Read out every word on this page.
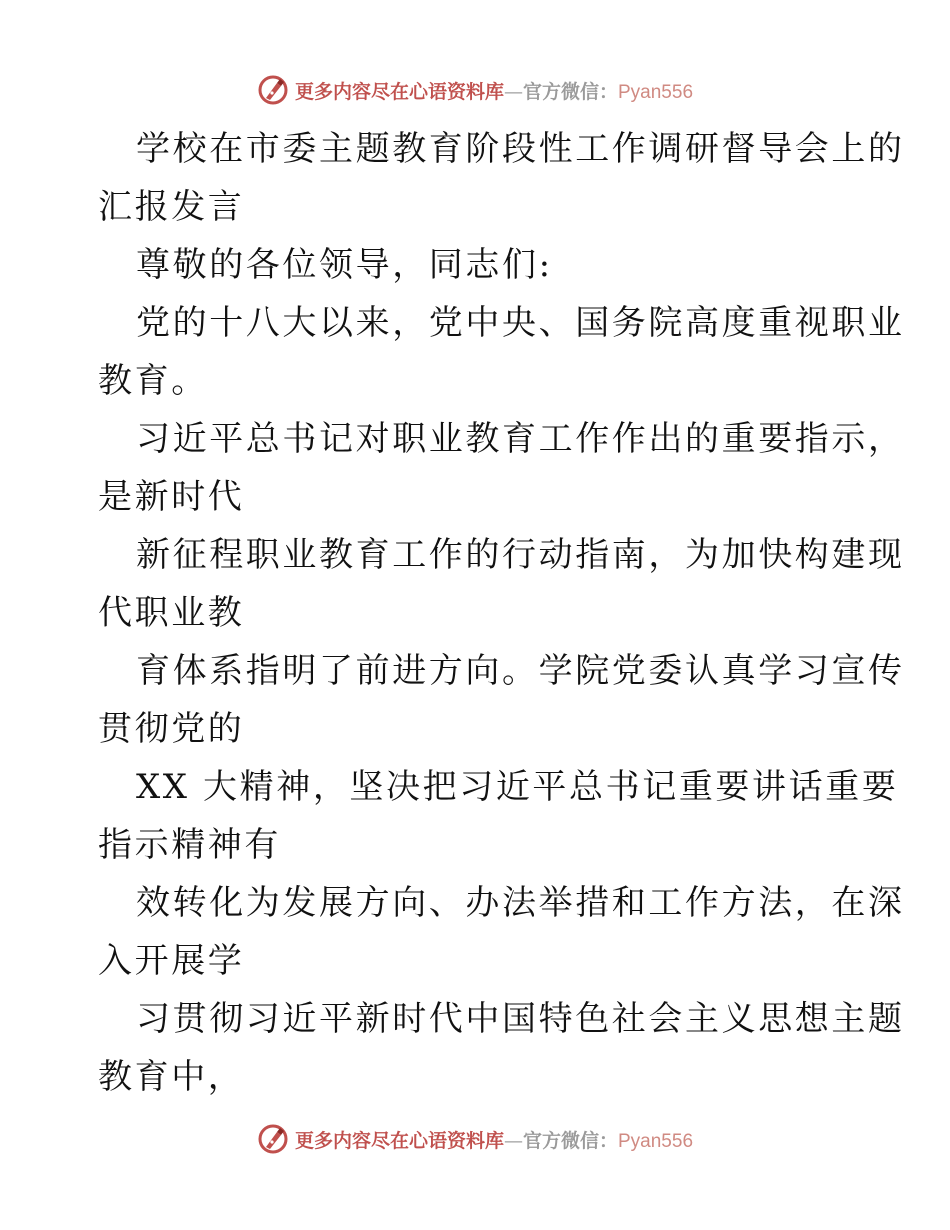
更多内容尽在心语资料库—官方微信：Pyan556
学校在市委主题教育阶段性工作调研督导会上的
汇报发言
尊敬的各位领导，同志们:
党的十八大以来，党中央、国务院高度重视职业
教育。
习近平总书记对职业教育工作作出的重要指示，
是新时代
新征程职业教育工作的行动指南，为加快构建现
代职业教
育体系指明了前进方向。学院党委认真学习宣传
贯彻党的
XX 大精神，坚决把习近平总书记重要讲话重要
指示精神有
效转化为发展方向、办法举措和工作方法，在深
入开展学
习贯彻习近平新时代中国特色社会主义思想主题
教育中，
更多内容尽在心语资料库—官方微信：Pyan556
